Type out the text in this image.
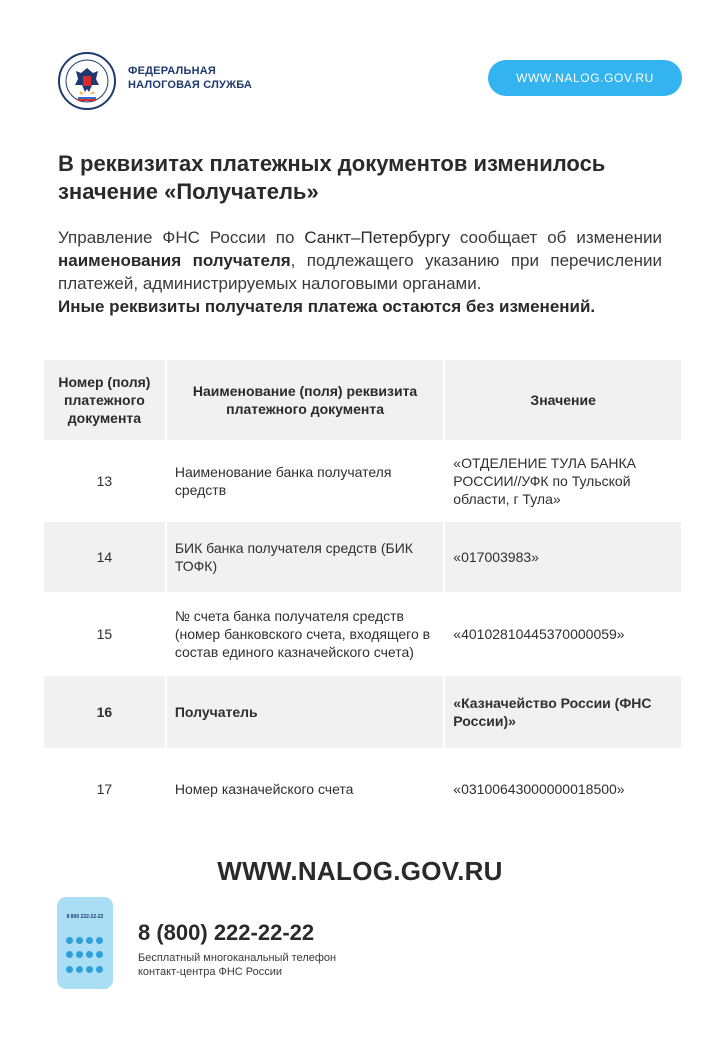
ФЕДЕРАЛЬНАЯ
НАЛОГОВАЯ СЛУЖБА	WWW.NALOG.GOV.RU
В реквизитах платежных документов изменилось значение «Получатель»
Управление ФНС России по Санкт–Петербургу сообщает об изменении наименования получателя, подлежащего указанию при перечислении платежей, администрируемых налоговыми органами.
Иные реквизиты получателя платежа остаются без изменений.
Номер (поля) платежного документа	Наименование (поля) реквизита платежного документа	Значение
13	Наименование банка получателя средств	«ОТДЕЛЕНИЕ ТУЛА БАНКА РОССИИ//УФК по Тульской области, г Тула»
14	БИК банка получателя средств (БИК ТОФК)	«017003983»
15	№ счета банка получателя средств (номер банковского счета, входящего в состав единого казначейского счета)	«40102810445370000059»
16	Получатель	«Казначейство России (ФНС России)»
17	Номер казначейского счета	«03100643000000018500»
WWW.NALOG.GOV.RU
8 800 222-22-22
8 (800) 222-22-22
Бесплатный многоканальный телефон
контакт-центра ФНС России
